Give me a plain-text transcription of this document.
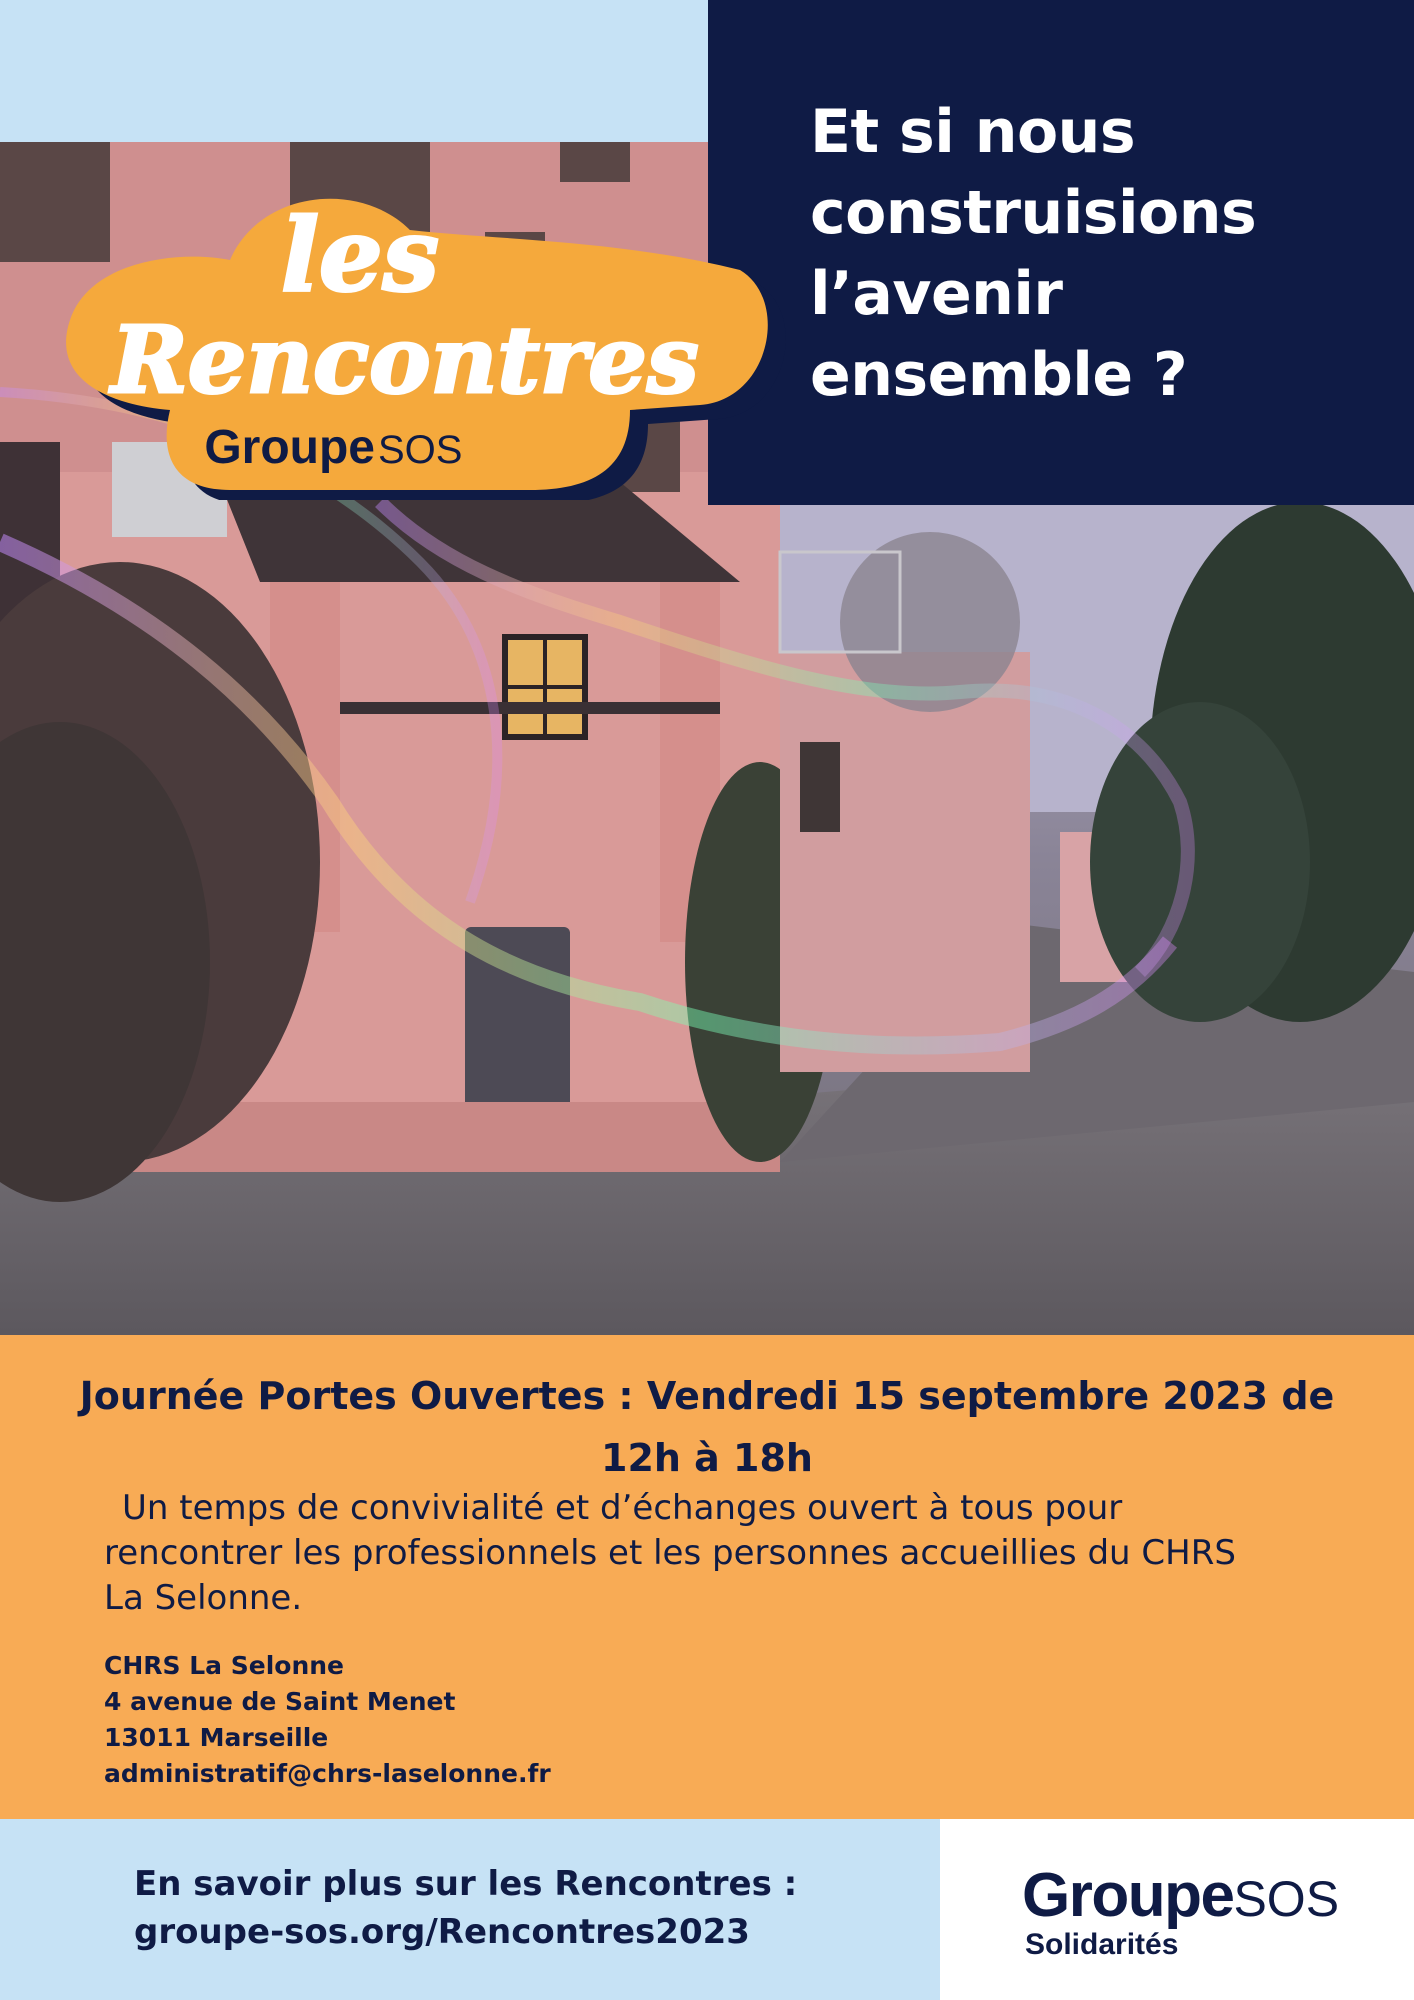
Et si nous
construisions
l’avenir
ensemble ?
les
Rencontres
Groupe SOS
Journée Portes Ouvertes : Vendredi 15 septembre 2023 de
12h à 18h

Un temps de convivialité et d’échanges ouvert à tous pour
rencontrer les professionnels et les personnes accueillies du CHRS
La Selonne.

CHRS La Selonne
4 avenue de Saint Menet
13011 Marseille
administratif@chrs-laselonne.fr

En savoir plus sur les Rencontres :
groupe-sos.org/Rencontres2023

GroupeSOS
Solidarités
